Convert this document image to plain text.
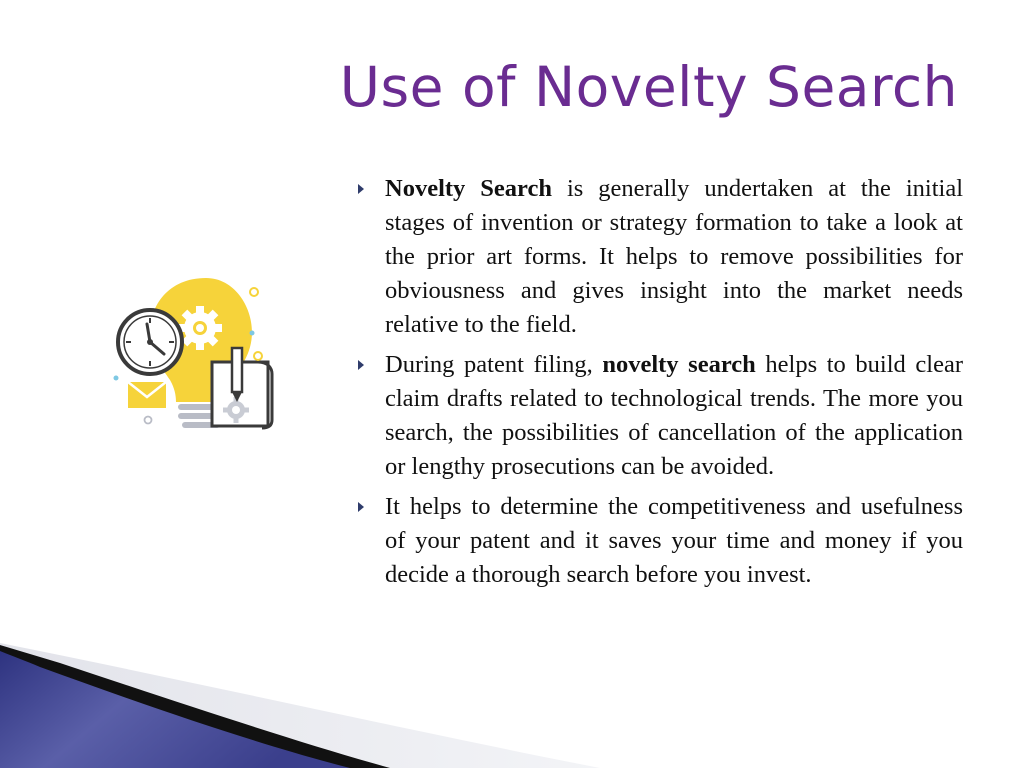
Use of Novelty Search

Novelty Search is generally undertaken at the initial stages of invention or strategy formation to take a look at the prior art forms. It helps to remove possibilities for obviousness and gives insight into the market needs relative to the field.

During patent filing, novelty search helps to build clear claim drafts related to technological trends. The more you search, the possibilities of cancellation of the application or lengthy prosecutions can be avoided.

It helps to determine the competitiveness and usefulness of your patent and it saves your time and money if you decide a thorough search before you invest.
